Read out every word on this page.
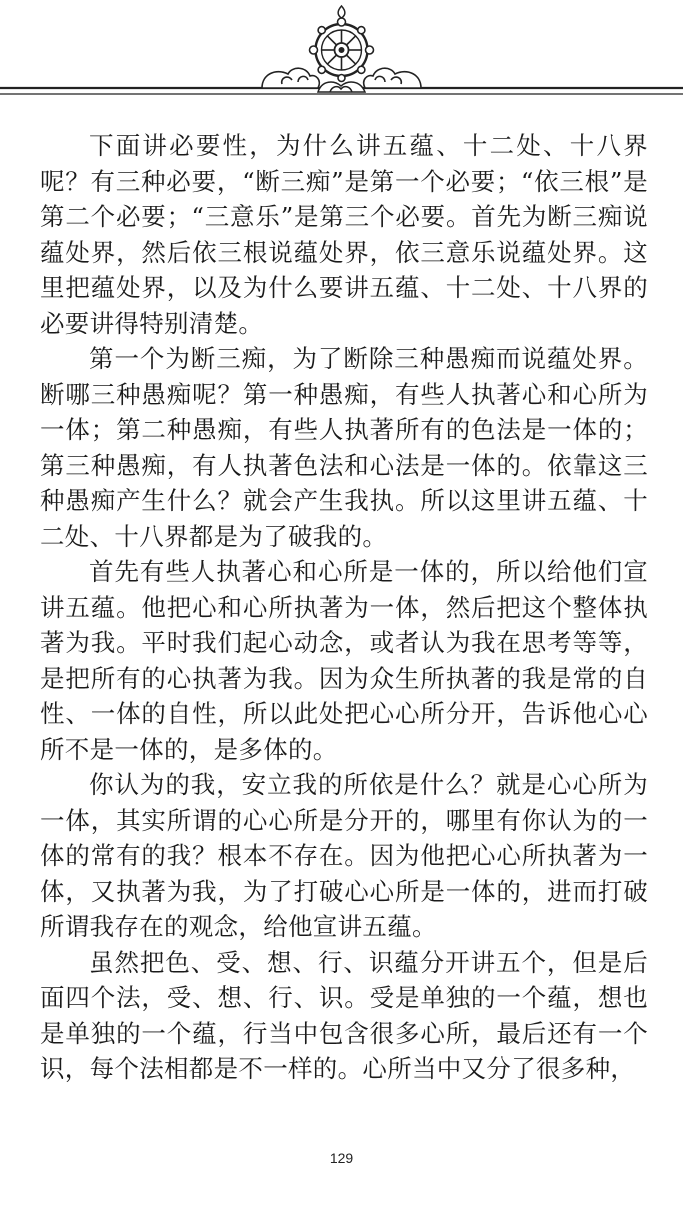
下面讲必要性，为什么讲五蕴、十二处、十八界呢？有三种必要，“断三痴”是第一个必要；“依三根”是第二个必要；“三意乐”是第三个必要。首先为断三痴说蕴处界，然后依三根说蕴处界，依三意乐说蕴处界。这里把蕴处界，以及为什么要讲五蕴、十二处、十八界的必要讲得特别清楚。

第一个为断三痴，为了断除三种愚痴而说蕴处界。断哪三种愚痴呢？第一种愚痴，有些人执著心和心所为一体；第二种愚痴，有些人执著所有的色法是一体的；第三种愚痴，有人执著色法和心法是一体的。依靠这三种愚痴产生什么？就会产生我执。所以这里讲五蕴、十二处、十八界都是为了破我的。

首先有些人执著心和心所是一体的，所以给他们宣讲五蕴。他把心和心所执著为一体，然后把这个整体执著为我。平时我们起心动念，或者认为我在思考等等，是把所有的心执著为我。因为众生所执著的我是常的自性、一体的自性，所以此处把心心所分开，告诉他心心所不是一体的，是多体的。

你认为的我，安立我的所依是什么？就是心心所为一体，其实所谓的心心所是分开的，哪里有你认为的一体的常有的我？根本不存在。因为他把心心所执著为一体，又执著为我，为了打破心心所是一体的，进而打破所谓我存在的观念，给他宣讲五蕴。

虽然把色、受、想、行、识蕴分开讲五个，但是后面四个法，受、想、行、识。受是单独的一个蕴，想也是单独的一个蕴，行当中包含很多心所，最后还有一个识，每个法相都是不一样的。心所当中又分了很多种，

129
